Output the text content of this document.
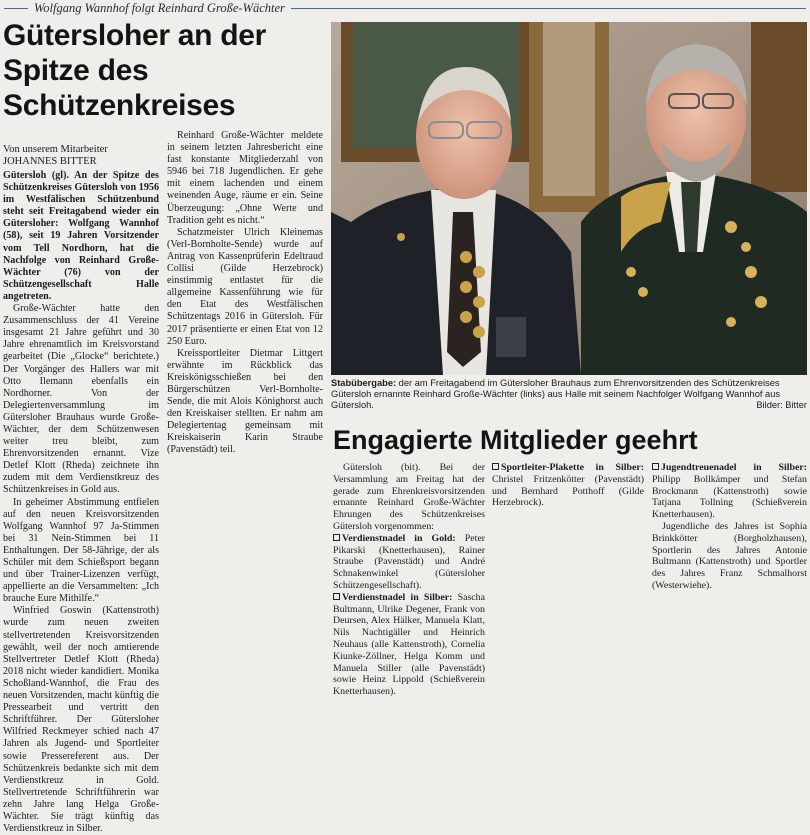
Wolfgang Wannhof folgt Reinhard Große-Wächter
Gütersloher an der Spitze des Schützenkreises
Von unserem Mitarbeiter
JOHANNES BITTER

Gütersloh (gl). An der Spitze des Schützenkreises Gütersloh von 1956 im Westfälischen Schützenbund steht seit Freitagabend wieder ein Gütersloher: Wolfgang Wannhof (58), seit 19 Jahren Vorsitzender vom Tell Nordhorn, hat die Nachfolge von Reinhard Große-Wächter (76) von der Schützengesellschaft Halle angetreten.

Große-Wächter hatte den Zusammenschluss der 41 Vereine insgesamt 21 Jahre geführt und 30 Jahre ehrenamtlich im Kreisvorstand gearbeitet (Die „Glocke“ berichtete.) Der Vorgänger des Hallers war mit Otto Ilemann ebenfalls ein Nordhorner. Von der Delegiertenversammlung im Gütersloher Brauhaus wurde Große-Wächter, der dem Schützenwesen weiter treu bleibt, zum Ehrenvorsitzenden ernannt. Vize Detlef Klott (Rheda) zeichnete ihn zudem mit dem Verdienstkreuz des Schützenkreises in Gold aus.

In geheimer Abstimmung entfielen auf den neuen Kreisvorsitzenden Wolfgang Wannhof 97 Ja-Stimmen bei 31 Nein-Stimmen bei 11 Enthaltungen. Der 58-Jährige, der als Schüler mit dem Schießsport begann und über Trainer-Lizenzen verfügt, appellierte an die Versammelten: „Ich brauche Eure Mithilfe.“

Winfried Goswin (Kattenstroth) wurde zum neuen zweiten stellvertretenden Kreisvorsitzenden gewählt, weil der noch amtierende Stellvertreter Detlef Klott (Rheda) 2018 nicht wieder kandidiert. Monika Schoßland-Wannhof, die Frau des neuen Vorsitzenden, macht künftig die Pressearbeit und vertritt den Schriftführer. Der Gütersloher Wilfried Reckmeyer schied nach 47 Jahren als Jugend- und Sportleiter sowie Pressereferent aus. Der Schützenkreis bedankte sich mit dem Verdienstkreuz in Gold. Stellvertretende Schriftführerin war zehn Jahre lang Helga Große-Wächter. Sie trägt künftig das Verdienstkreuz in Silber.

Reinhard Große-Wächter meldete in seinem letzten Jahresbericht eine fast konstante Mitgliederzahl von 5946 bei 718 Jugendlichen. Er gehe mit einem lachenden und einem weinenden Auge, räume er ein. Seine Überzeugung: „Ohne Werte und Tradition geht es nicht.“

Schatzmeister Ulrich Kleinemas (Verl-Bornholte-Sende) wurde auf Antrag von Kassenprüferin Edeltraud Collisi (Gilde Herzebrock) einstimmig entlastet für die allgemeine Kassenführung wie für den Etat des Westfälischen Schützentags 2016 in Gütersloh. Für 2017 präsentierte er einen Etat von 12 250 Euro.

Kreissportleiter Dietmar Littgert erwähnte im Rückblick das Kreiskönigsschießen bei den Bürgerschützen Verl-Bornholte-Sende, die mit Alois Könighorst auch den Kreiskaiser stellten. Er nahm am Delegiertentag gemeinsam mit Kreiskaiserin Karin Straube (Pavenstädt) teil.

Stabübergabe: der am Freitagabend im Gütersloher Brauhaus zum Ehrenvorsitzenden des Schützenkreises Gütersloh ernannte Reinhard Große-Wächter (links) aus Halle mit seinem Nachfolger Wolfgang Wannhof aus Gütersloh.	Bilder: Bitter
Engagierte Mitglieder geehrt

Gütersloh (bit). Bei der Versammlung am Freitag hat der gerade zum Ehrenkreisvorsitzenden ernannte Reinhard Große-Wächter Ehrungen des Schützenkreises Gütersloh vorgenommen:

Verdienstnadel in Gold: Peter Pikarski (Knetterhausen), Rainer Straube (Pavenstädt) und André Schnakenwinkel (Gütersloher Schützengesellschaft).

Verdienstnadel in Silber: Sascha Bultmann, Ulrike Degener, Frank von Deursen, Alex Hälker, Manuela Klatt, Nils Nachtigäller und Heinrich Neuhaus (alle Kattenstroth), Cornelia Kiunke-Zöllner, Helga Komm und Manuela Stiller (alle Pavenstädt) sowie Heinz Lippold (Schießverein Knetterhausen).

Sportleiter-Plakette in Silber: Christel Fritzenkötter (Pavenstädt) und Bernhard Potthoff (Gilde Herzebrock).

Jugendtreuenadel in Silber: Philipp Bollkämper und Stefan Brockmann (Kattenstroth) sowie Tatjana Tollning (Schießverein Knetterhausen).

Jugendliche des Jahres ist Sophia Brinkkötter (Borgholzhausen), Sportlerin des Jahres Antonie Bultmann (Kattenstroth) und Sportler des Jahres Franz Schmalhorst (Westerwiehe).
